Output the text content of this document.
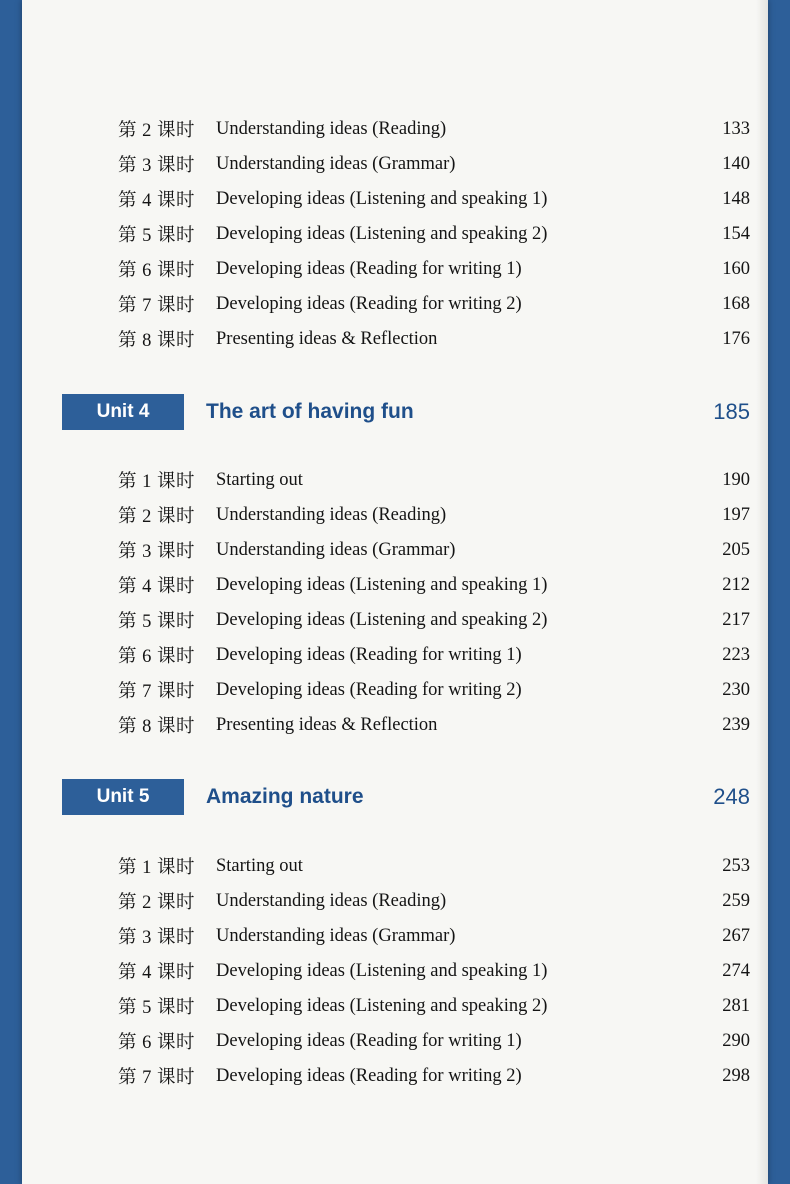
第 2 课时	Understanding ideas (Reading)	133
第 3 课时	Understanding ideas (Grammar)	140
第 4 课时	Developing ideas (Listening and speaking 1)	148
第 5 课时	Developing ideas (Listening and speaking 2)	154
第 6 课时	Developing ideas (Reading for writing 1)	160
第 7 课时	Developing ideas (Reading for writing 2)	168
第 8 课时	Presenting ideas & Reflection	176
Unit 4	The art of having fun	185
第 1 课时	Starting out	190
第 2 课时	Understanding ideas (Reading)	197
第 3 课时	Understanding ideas (Grammar)	205
第 4 课时	Developing ideas (Listening and speaking 1)	212
第 5 课时	Developing ideas (Listening and speaking 2)	217
第 6 课时	Developing ideas (Reading for writing 1)	223
第 7 课时	Developing ideas (Reading for writing 2)	230
第 8 课时	Presenting ideas & Reflection	239
Unit 5	Amazing nature	248
第 1 课时	Starting out	253
第 2 课时	Understanding ideas (Reading)	259
第 3 课时	Understanding ideas (Grammar)	267
第 4 课时	Developing ideas (Listening and speaking 1)	274
第 5 课时	Developing ideas (Listening and speaking 2)	281
第 6 课时	Developing ideas (Reading for writing 1)	290
第 7 课时	Developing ideas (Reading for writing 2)	298
